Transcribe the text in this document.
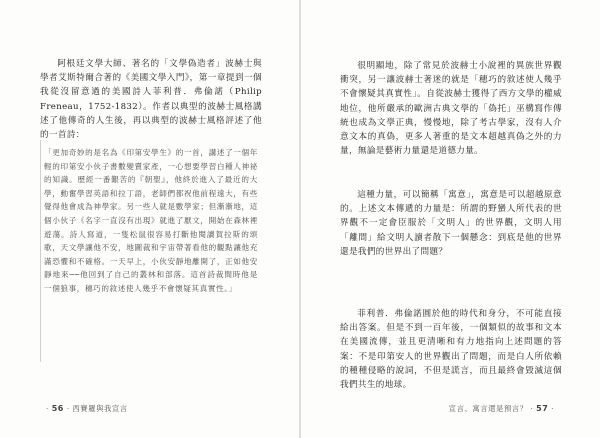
阿根廷文學大師、著名的「文學偽造者」波赫士與學者艾斯特爾合著的《美國文學入門》，第一章提到一個我從沒留意過的美國詩人菲利普．弗倫諾（Philip Freneau，1752-1832）。作者以典型的波赫士風格講述了他傳奇的人生後，再以典型的波赫士風格評述了他的一首詩：

「更加奇妙的是名為《印第安學生》的一首，講述了一個年輕的印第安小伙子書數變賣家產，一心想要學習白種人神祕的知識。歷經一番艱苦的『朝聖』，他終於進入了最近的大學，動奮學習英語和拉丁語，老師們都祝他前程遠大，有些覺得他會成為神學家。另一些人就是數學家；但漸漸地，這個小伙子《名字一直沒有出現》就進了厭文，開始在森林裡遊蕩。詩人寫道，一隻松鼠很容易打斷他閱讀賀拉斯的頌歌，天文學讓他不安，地圖裁和宇宙帶著看他的觀點讓他充滿恐懼和不確格。一天早上，小伙安靜地離開了，正如他安靜地來──他回到了自己的叢林和部落。這首詩裁間時他是一個狼事，穗巧的敘述使人幾乎不會懷疑其真實性。」

· 56 · 西賽羅與我宣言	宣言、寓言還是預言？ · 57 ·

很明顯地，除了常見於波赫士小說裡的異族世界觀衝突，另一讓波赫士著迷的就是「穗巧的敘述使人幾乎不會懷疑其真實性」。自從波赫士獲得了西方文學的權威地位，他所嚴承的歐洲古典文學的「偽托」巫構寫作傳統也成為文學正典，慢慢地，除了考古學家，沒有人介意文本的真偽，更多人著重的是文本超越真偽之外的力量，無論是藝術力量還是道德力量。

這種力量，可以簡稱「寓意」，寓意是可以超越原意的。上述文本傳遞的力量是：所謂的野蠻人所代表的世界觀不一定會臣服於「文明人」的世界觀，文明人用「離間」給文明人讀者散下一個懸念：到底是他的世界還是我們的世界出了問題？

菲利普．弗倫諾圓於他的時代和身分，不可能直接給出答案。但是不到一百年後，一個類似的故事和文本在美國流傳，並且更清晰和有力地指向上述問題的答案：不是印第安人的世界觀出了問題，而是白人所依賴的種種侵略的說詞，不但是謊言，而且最終會毀滅這個我們共生的地球。
